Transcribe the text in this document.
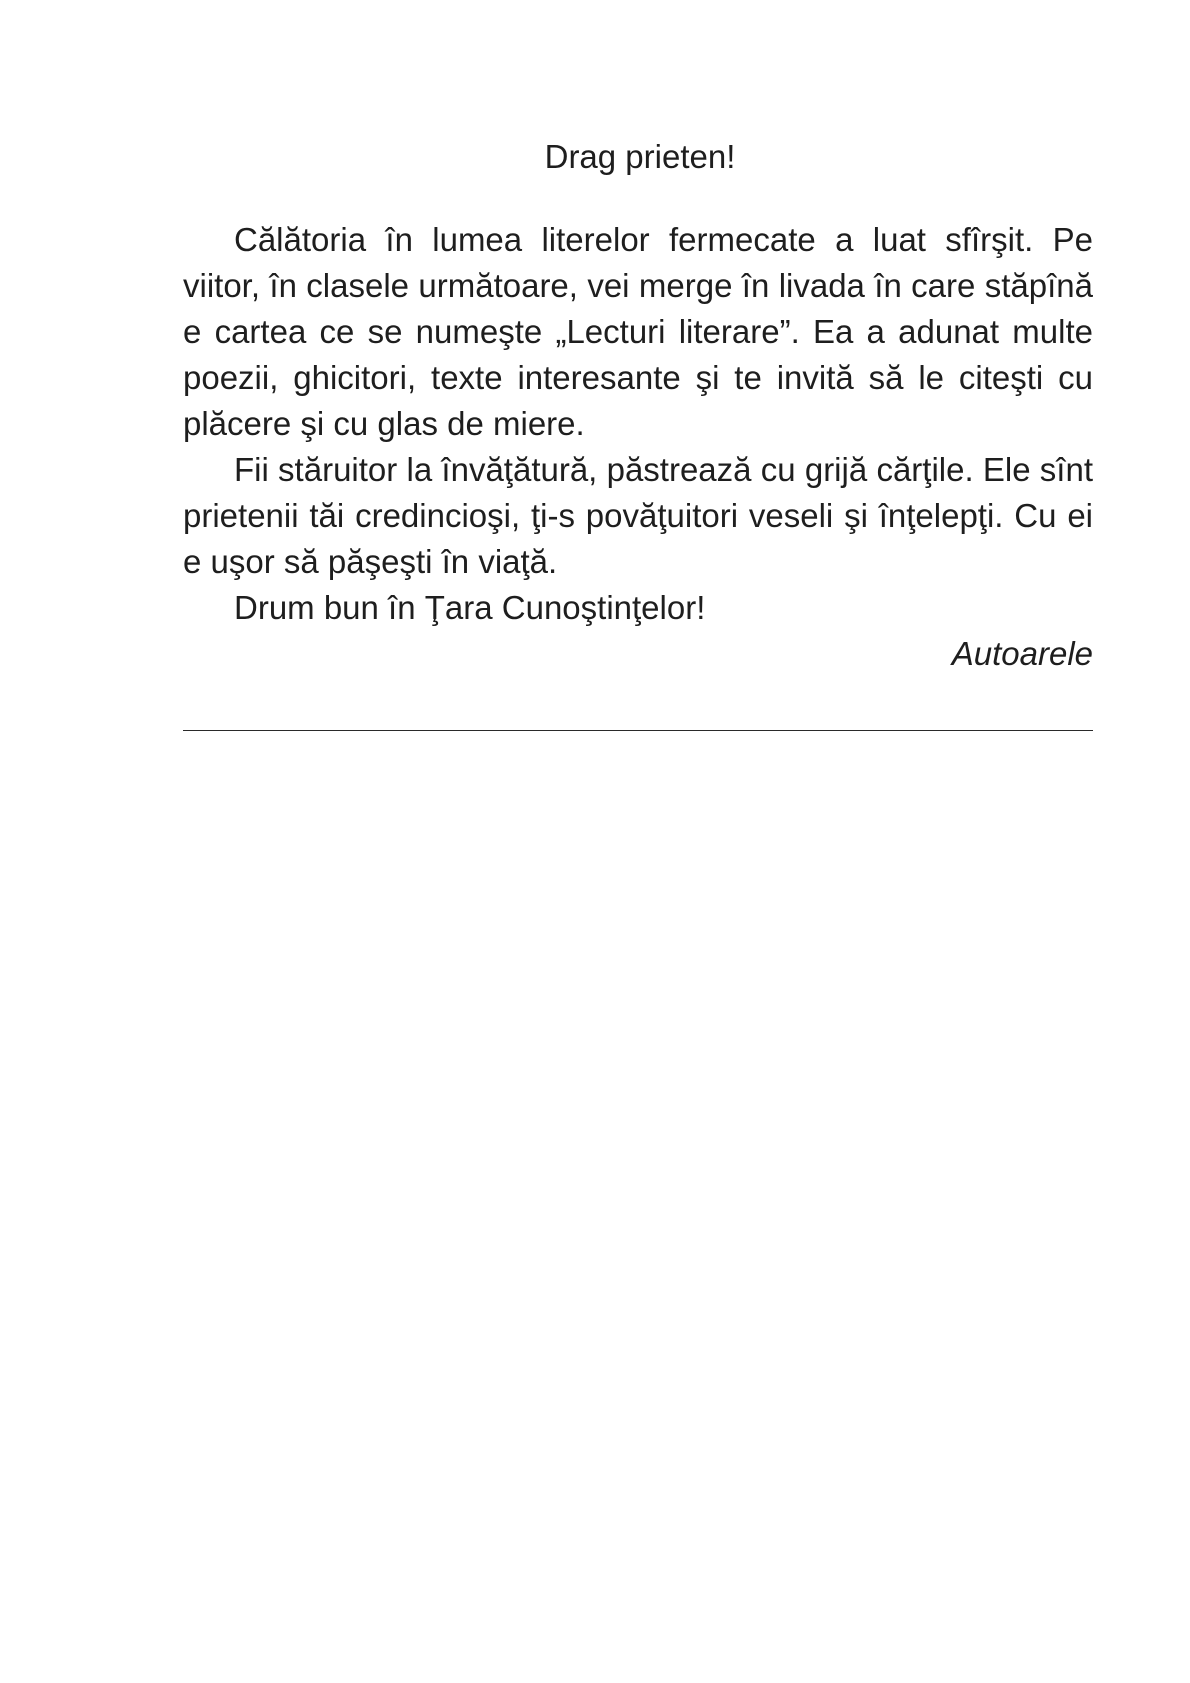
Drag prieten!

Călătoria în lumea literelor fermecate a luat sfîrşit. Pe viitor, în clasele următoare, vei merge în livada în care stăpînă e cartea ce se numeşte „Lecturi literare”. Ea a adunat multe poezii, ghicitori, texte interesante şi te invită să le citeşti cu plăcere şi cu glas de miere.

Fii stăruitor la învăţătură, păstrează cu grijă cărţile. Ele sînt prietenii tăi credincioşi, ţi-s povăţuitori veseli şi înţelepţi. Cu ei e uşor să păşeşti în viaţă.

Drum bun în Ţara Cunoştinţelor!

Autoarele
